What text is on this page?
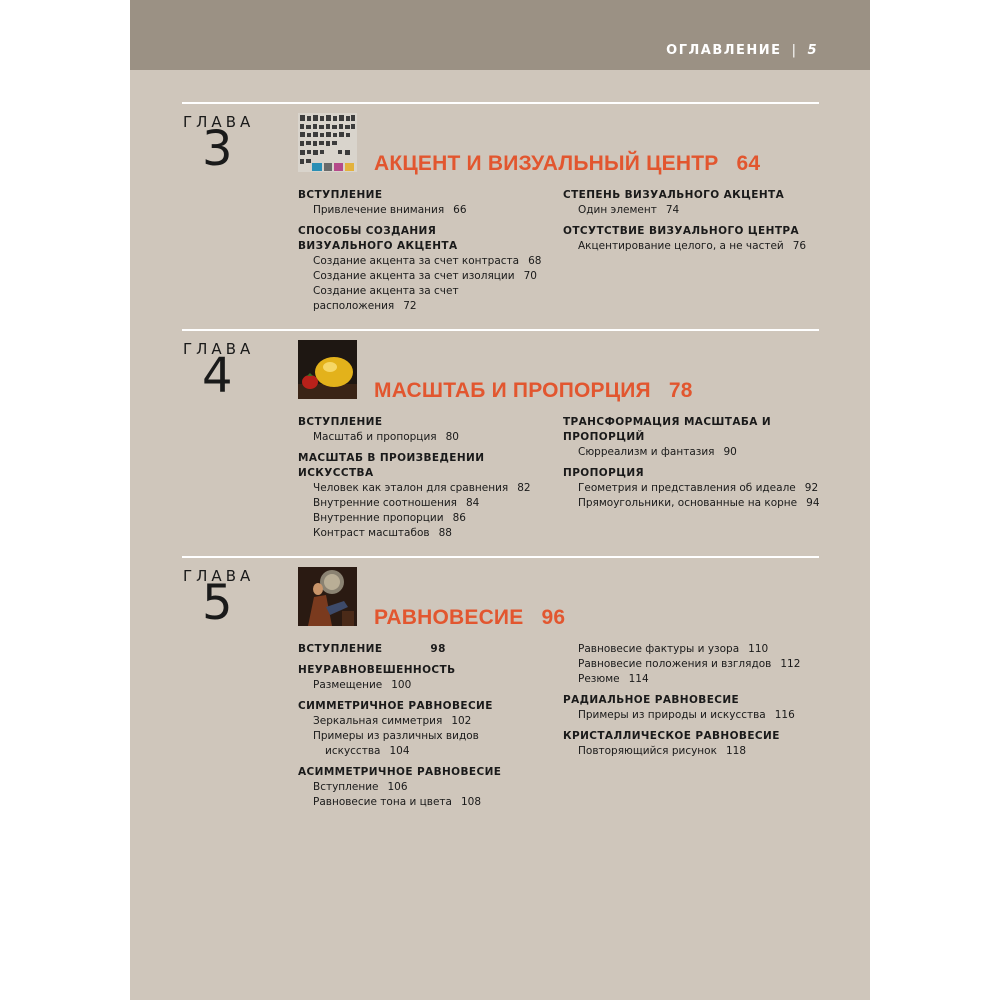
ОГЛАВЛЕНИЕ | 5
ГЛАВА
3	АКЦЕНТ И ВИЗУАЛЬНЫЙ ЦЕНТР 64
ВСТУПЛЕНИЕ
Привлечение внимания 66
СПОСОБЫ СОЗДАНИЯ
ВИЗУАЛЬНОГО АКЦЕНТА
Создание акцента за счет контраста 68
Создание акцента за счет изоляции 70
Создание акцента за счет расположения 72
СТЕПЕНЬ ВИЗУАЛЬНОГО АКЦЕНТА
Один элемент 74
ОТСУТСТВИЕ ВИЗУАЛЬНОГО ЦЕНТРА
Акцентирование целого, а не частей 76
ГЛАВА
4	МАСШТАБ И ПРОПОРЦИЯ 78
ВСТУПЛЕНИЕ
Масштаб и пропорция 80
МАСШТАБ В ПРОИЗВЕДЕНИИ ИСКУССТВА
Человек как эталон для сравнения 82
Внутренние соотношения 84
Внутренние пропорции 86
Контраст масштабов 88
ТРАНСФОРМАЦИЯ МАСШТАБА И ПРОПОРЦИЙ
Сюрреализм и фантазия 90
ПРОПОРЦИЯ
Геометрия и представления об идеале 92
Прямоугольники, основанные на корне 94
ГЛАВА
5	РАВНОВЕСИЕ 96
ВСТУПЛЕНИЕ	98
НЕУРАВНОВЕШЕННОСТЬ
Размещение 100
СИММЕТРИЧНОЕ РАВНОВЕСИЕ
Зеркальная симметрия 102
Примеры из различных видов
искусства 104
АСИММЕТРИЧНОЕ РАВНОВЕСИЕ
Вступление 106
Равновесие тона и цвета 108
Равновесие фактуры и узора 110
Равновесие положения и взглядов 112
Резюме 114
РАДИАЛЬНОЕ РАВНОВЕСИЕ
Примеры из природы и искусства 116
КРИСТАЛЛИЧЕСКОЕ РАВНОВЕСИЕ
Повторяющийся рисунок 118
